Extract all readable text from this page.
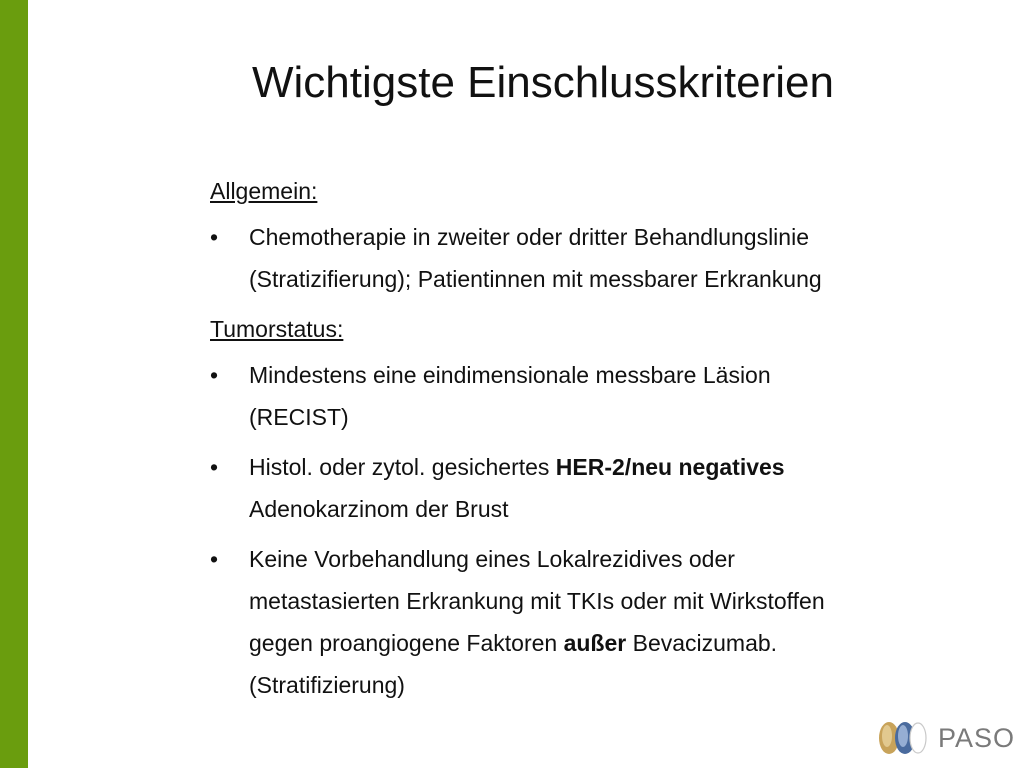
Wichtigste Einschlusskriterien

Allgemein:

• Chemotherapie in zweiter oder dritter Behandlungslinie
(Stratizifierung); Patientinnen mit messbarer Erkrankung

Tumorstatus:

• Mindestens eine eindimensionale messbare Läsion
(RECIST)
• Histol. oder zytol. gesichertes HER-2/neu negatives
Adenokarzinom der Brust
• Keine Vorbehandlung eines Lokalrezidives oder
metastasierten Erkrankung mit TKIs oder mit Wirkstoffen
gegen proangiogene Faktoren außer Bevacizumab.
(Stratifizierung)
PASO
